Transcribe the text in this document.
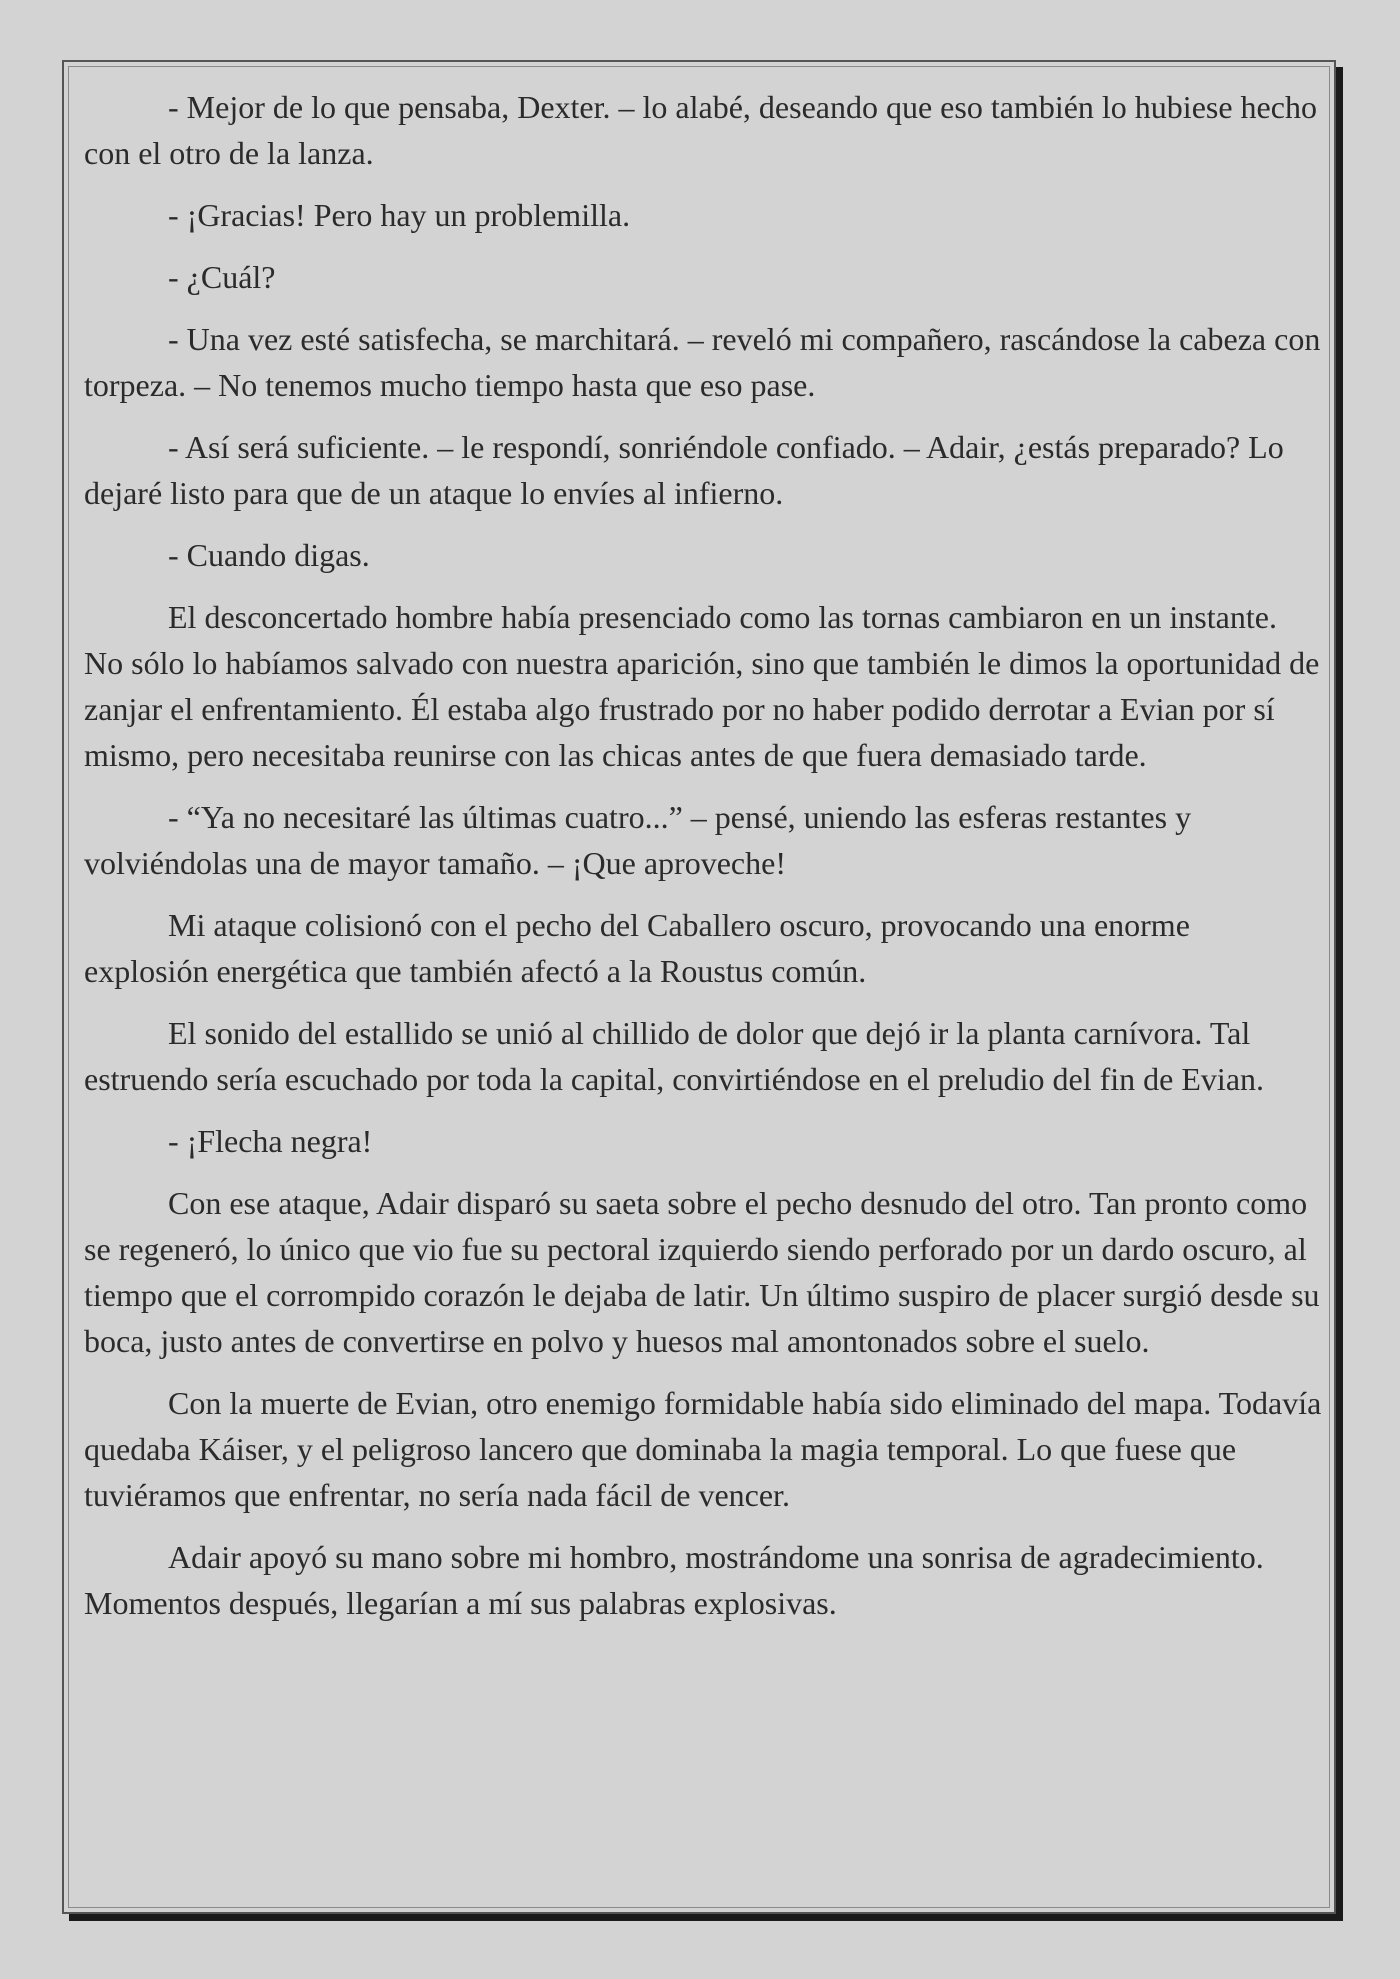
- Mejor de lo que pensaba, Dexter. – lo alabé, deseando que eso también lo hubiese hecho con el otro de la lanza.

- ¡Gracias! Pero hay un problemilla.

- ¿Cuál?

- Una vez esté satisfecha, se marchitará. – reveló mi compañero, rascándose la cabeza con torpeza. – No tenemos mucho tiempo hasta que eso pase.

- Así será suficiente. – le respondí, sonriéndole confiado. – Adair, ¿estás preparado? Lo dejaré listo para que de un ataque lo envíes al infierno.

- Cuando digas.

El desconcertado hombre había presenciado como las tornas cambiaron en un instante. No sólo lo habíamos salvado con nuestra aparición, sino que también le dimos la oportunidad de zanjar el enfrentamiento. Él estaba algo frustrado por no haber podido derrotar a Evian por sí mismo, pero necesitaba reunirse con las chicas antes de que fuera demasiado tarde.

- “Ya no necesitaré las últimas cuatro...” – pensé, uniendo las esferas restantes y volviéndolas una de mayor tamaño. – ¡Que aproveche!

Mi ataque colisionó con el pecho del Caballero oscuro, provocando una enorme explosión energética que también afectó a la Roustus común.

El sonido del estallido se unió al chillido de dolor que dejó ir la planta carnívora. Tal estruendo sería escuchado por toda la capital, convirtiéndose en el preludio del fin de Evian.

- ¡Flecha negra!

Con ese ataque, Adair disparó su saeta sobre el pecho desnudo del otro. Tan pronto como se regeneró, lo único que vio fue su pectoral izquierdo siendo perforado por un dardo oscuro, al tiempo que el corrompido corazón le dejaba de latir. Un último suspiro de placer surgió desde su boca, justo antes de convertirse en polvo y huesos mal amontonados sobre el suelo.

Con la muerte de Evian, otro enemigo formidable había sido eliminado del mapa. Todavía quedaba Káiser, y el peligroso lancero que dominaba la magia temporal. Lo que fuese que tuviéramos que enfrentar, no sería nada fácil de vencer.

Adair apoyó su mano sobre mi hombro, mostrándome una sonrisa de agradecimiento. Momentos después, llegarían a mí sus palabras explosivas.
